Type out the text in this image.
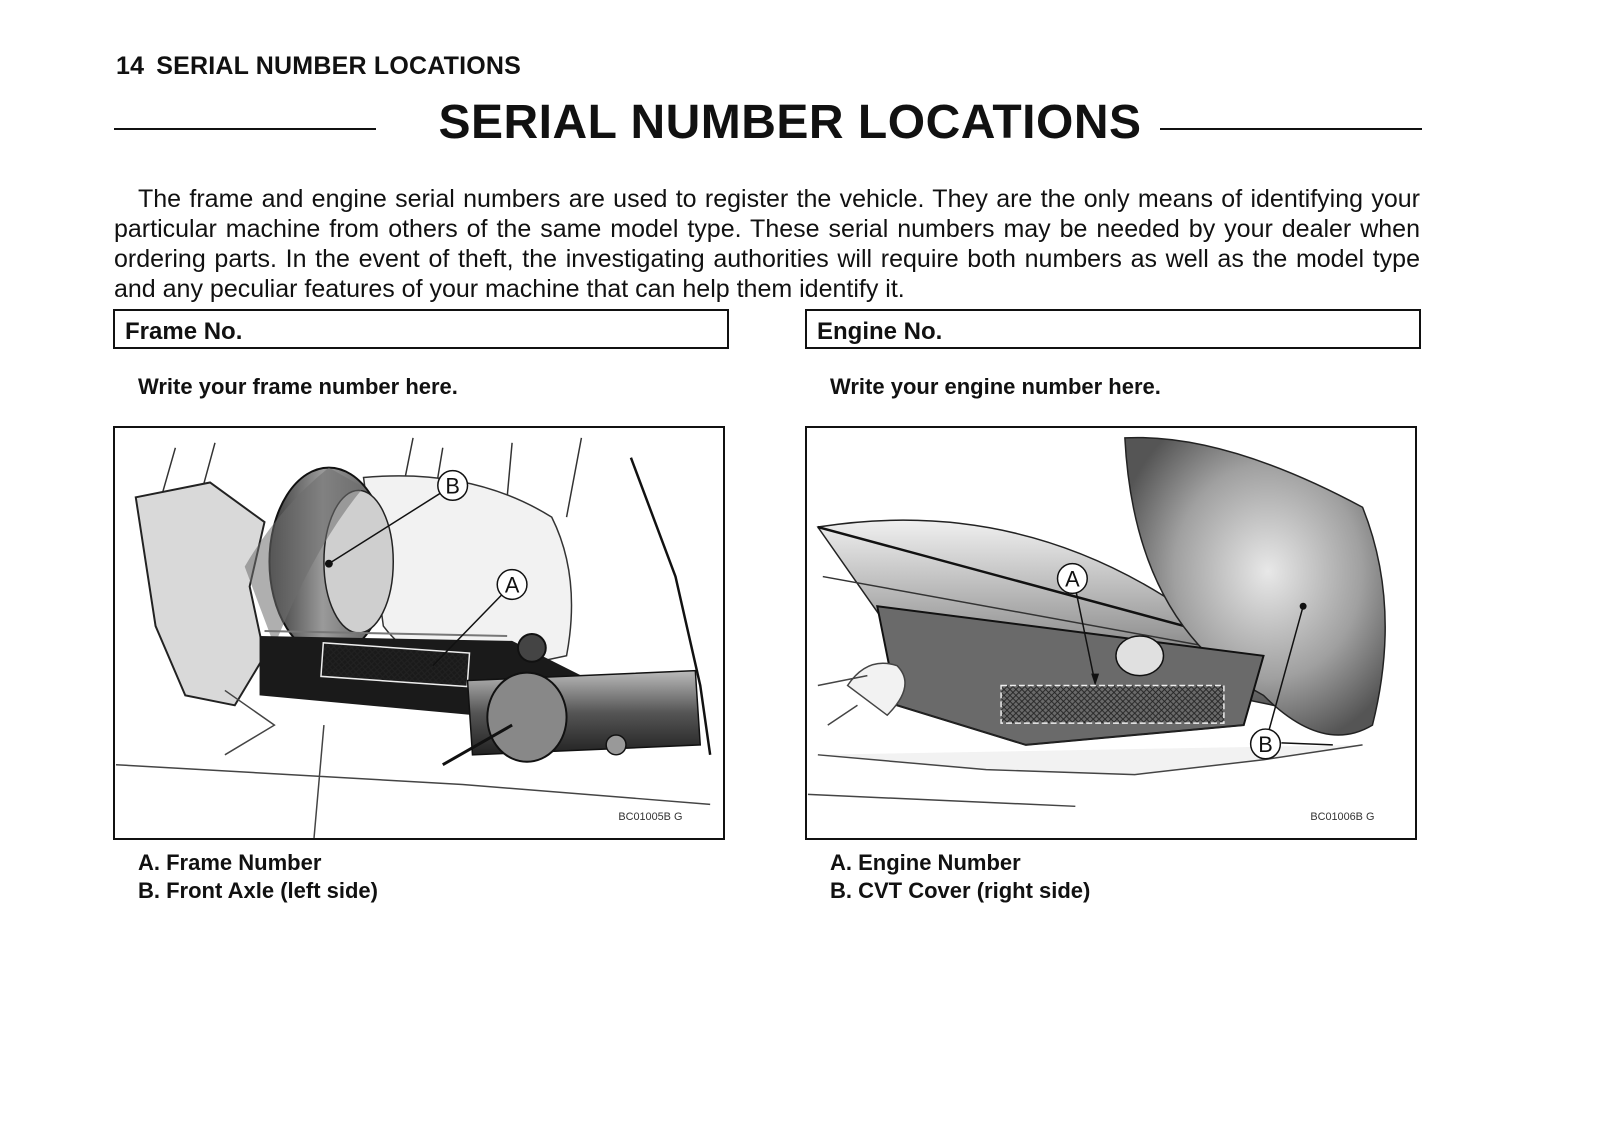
14 SERIAL NUMBER LOCATIONS
SERIAL NUMBER LOCATIONS

The frame and engine serial numbers are used to register the vehicle. They are the only means of identifying your particular machine from others of the same model type. These serial numbers may be needed by your dealer when ordering parts. In the event of theft, the investigating authorities will require both numbers as well as the model type and any peculiar features of your machine that can help them identify it.

Frame No.
Write your frame number here.
B
A
BC01005B G
A. Frame Number
B. Front Axle (left side)
Engine No.
Write your engine number here.
A
B
BC01006B G
A. Engine Number
B. CVT Cover (right side)
